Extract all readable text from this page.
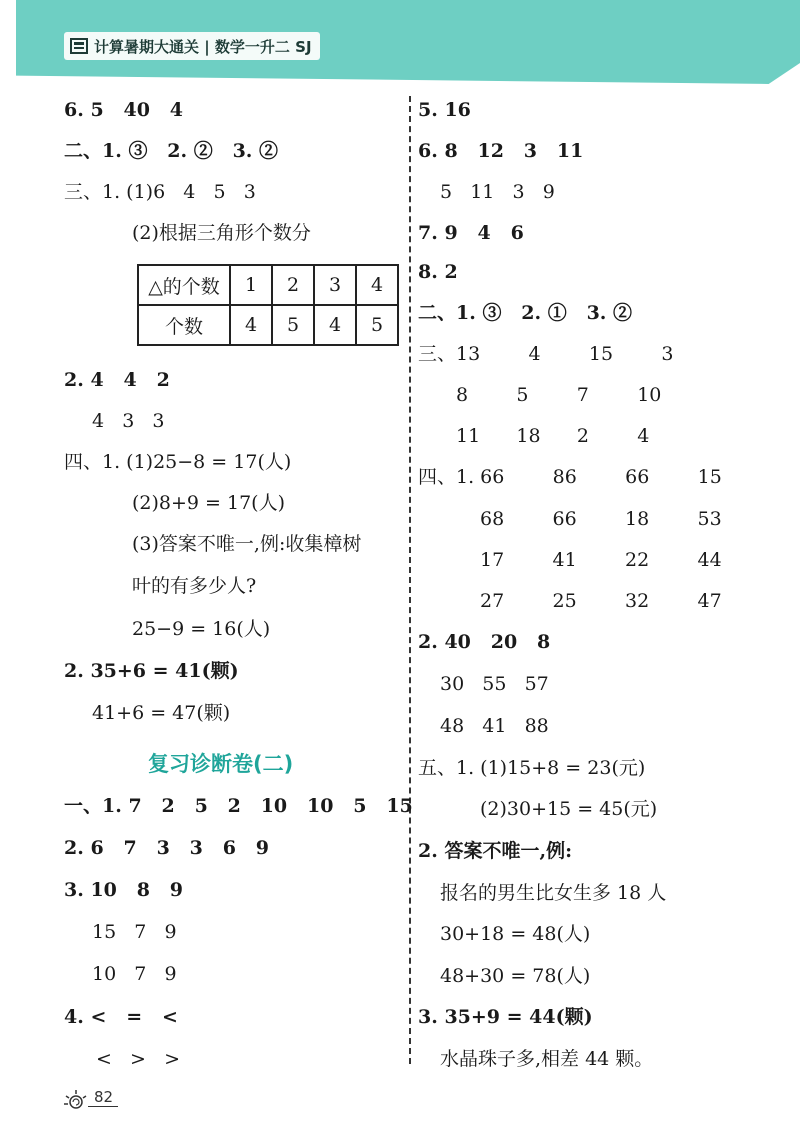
计算暑期大通关 | 数学一升二 SJ
6. 5   40   4
二、1. ③   2. ②   3. ②
三、1. (1)6   4   5   3
(2)根据三角形个数分
△的个数	1	2	3	4
个数	4	5	4	5
2. 4   4   2
4   3   3
四、1. (1)25−8 = 17(人)
(2)8+9 = 17(人)
(3)答案不唯一,例:收集樟树
叶的有多少人?
25−9 = 16(人)
2. 35+6 = 41(颗)
41+6 = 47(颗)
复习诊断卷(二)
一、1. 7   2   5   2   10   10   5   15
2. 6   7   3   3   6   9
3. 10   8   9
15   7   9
10   7   9
4. <   =   <
<   >   >
5. 16
6. 8   12   3   11
5   11   3   9
7. 9   4   6
8. 2
二、1. ③   2. ①   3. ②
三、13        4        15        3
8        5        7        10
11      18      2        4
四、1. 66        86        66        15
68        66        18        53
17        41        22        44
27        25        32        47
2. 40   20   8
30   55   57
48   41   88
五、1. (1)15+8 = 23(元)
(2)30+15 = 45(元)
2. 答案不唯一,例:
报名的男生比女生多 18 人
30+18 = 48(人)
48+30 = 78(人)
3. 35+9 = 44(颗)
水晶珠子多,相差 44 颗。
82
